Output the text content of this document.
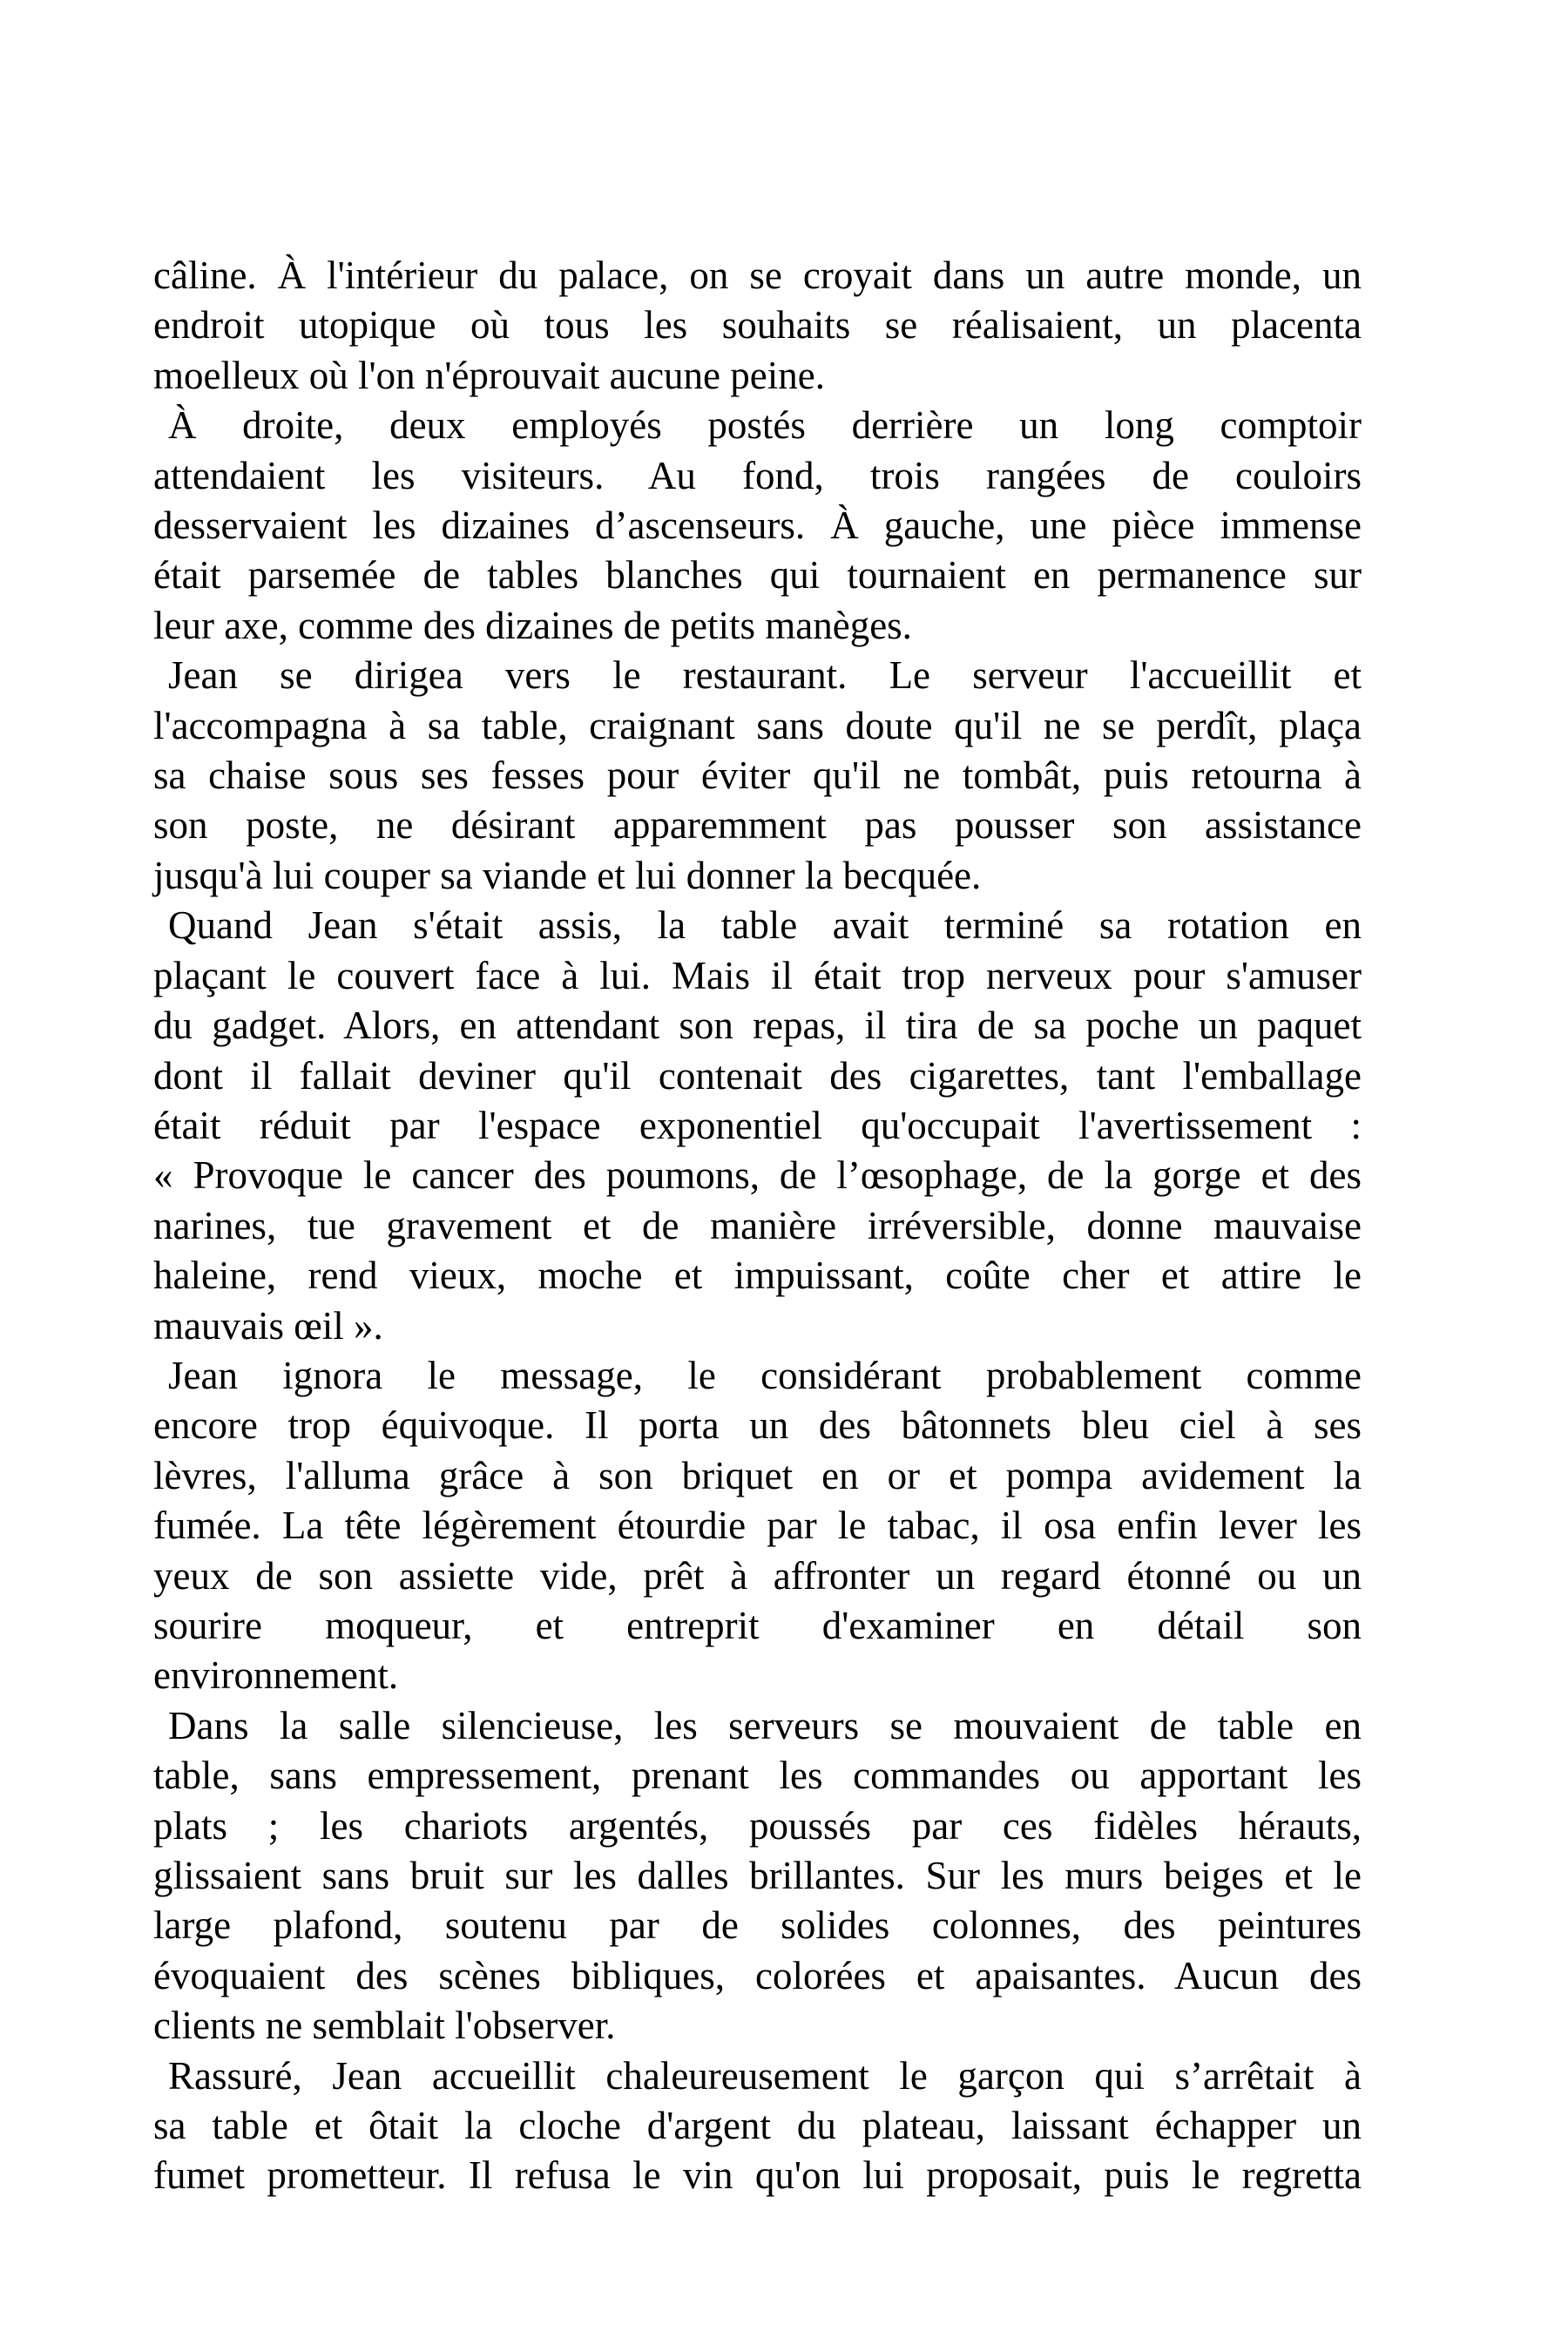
câline. À l'intérieur du palace, on se croyait dans un autre monde, un
endroit utopique où tous les souhaits se réalisaient, un placenta
moelleux où l'on n'éprouvait aucune peine.
À droite, deux employés postés derrière un long comptoir
attendaient les visiteurs. Au fond, trois rangées de couloirs
desservaient les dizaines d’ascenseurs. À gauche, une pièce immense
était parsemée de tables blanches qui tournaient en permanence sur
leur axe, comme des dizaines de petits manèges.
Jean se dirigea vers le restaurant. Le serveur l'accueillit et
l'accompagna à sa table, craignant sans doute qu'il ne se perdît, plaça
sa chaise sous ses fesses pour éviter qu'il ne tombât, puis retourna à
son poste, ne désirant apparemment pas pousser son assistance
jusqu'à lui couper sa viande et lui donner la becquée.
Quand Jean s'était assis, la table avait terminé sa rotation en
plaçant le couvert face à lui. Mais il était trop nerveux pour s'amuser
du gadget. Alors, en attendant son repas, il tira de sa poche un paquet
dont il fallait deviner qu'il contenait des cigarettes, tant l'emballage
était réduit par l'espace exponentiel qu'occupait l'avertissement :
« Provoque le cancer des poumons, de l’œsophage, de la gorge et des
narines, tue gravement et de manière irréversible, donne mauvaise
haleine, rend vieux, moche et impuissant, coûte cher et attire le
mauvais œil ».
Jean ignora le message, le considérant probablement comme
encore trop équivoque. Il porta un des bâtonnets bleu ciel à ses
lèvres, l'alluma grâce à son briquet en or et pompa avidement la
fumée. La tête légèrement étourdie par le tabac, il osa enfin lever les
yeux de son assiette vide, prêt à affronter un regard étonné ou un
sourire moqueur, et entreprit d'examiner en détail son
environnement.
Dans la salle silencieuse, les serveurs se mouvaient de table en
table, sans empressement, prenant les commandes ou apportant les
plats ; les chariots argentés, poussés par ces fidèles hérauts,
glissaient sans bruit sur les dalles brillantes. Sur les murs beiges et le
large plafond, soutenu par de solides colonnes, des peintures
évoquaient des scènes bibliques, colorées et apaisantes. Aucun des
clients ne semblait l'observer.
Rassuré, Jean accueillit chaleureusement le garçon qui s’arrêtait à
sa table et ôtait la cloche d'argent du plateau, laissant échapper un
fumet prometteur. Il refusa le vin qu'on lui proposait, puis le regretta
